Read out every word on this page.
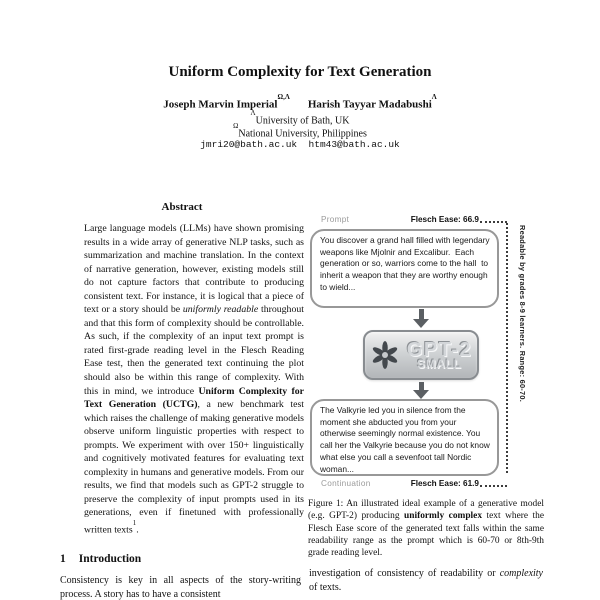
Uniform Complexity for Text Generation
Joseph Marvin Imperial$^{\Omega,\Lambda}$
Harish Tayyar Madabushi$^\Lambda$
$^\Lambda$University of Bath, UK
$^\Omega$National University, Philippines
jmri20@bath.ac.uk  htm43@bath.ac.uk
Abstract
Large language models (LLMs) have shown promising results in a wide array of generative NLP tasks, such as summarization and machine translation. In the context of narrative generation, however, existing models still do not capture factors that contribute to producing consistent text. For instance, it is logical that a piece of text or a story should be uniformly readable throughout and that this form of complexity should be controllable. As such, if the complexity of an input text prompt is rated first-grade reading level in the Flesch Reading Ease test, then the generated text continuing the plot should also be within this range of complexity. With this in mind, we introduce Uniform Complexity for Text Generation (UCTG), a new benchmark test which raises the challenge of making generative models observe uniform linguistic properties with respect to prompts. We experiment with over 150+ linguistically and cognitively motivated features for evaluating text complexity in humans and generative models. From our results, we find that models such as GPT-2 struggle to preserve the complexity of input prompts used in its generations, even if finetuned with professionally written texts$^1$.
1 Introduction
Consistency is key in all aspects of the story-writing process. A story has to have a consistent
Prompt	Flesch Ease: 66.9
Readable by grades 8-9 learners. Range: 60-70.
You discover a grand hall filled with legendary weapons like Mjolnir and Excalibur.  Each generation or so, warriors come to the hall  to inherit a weapon that they are worthy enough to wield...
GPT-2
SMALL
The Valkyrie led you in silence from the moment she abducted you from your otherwise seemingly normal existence. You call her the Valkyrie because you do not know what else you call a sevenfoot tall Nordic woman...
Continuation	Flesch Ease: 61.9
Figure 1: An illustrated ideal example of a generative model (e.g. GPT-2) producing uniformly complex text where the Flesch Ease score of the generated text falls within the same readability range as the prompt which is 60-70 or 8th-9th grade reading level.
investigation of consistency of readability or complexity of texts.
